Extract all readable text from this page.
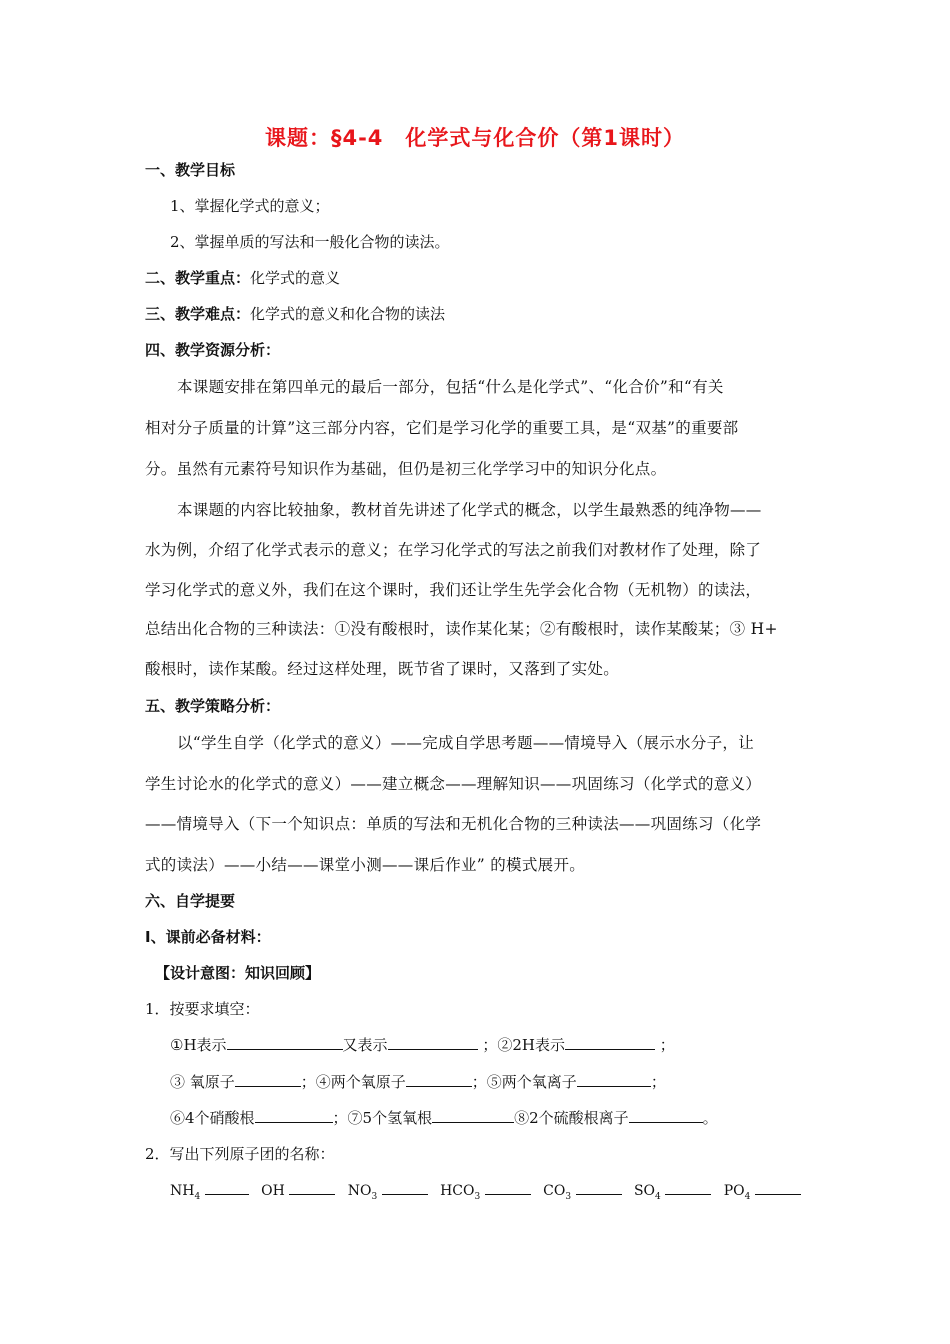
课题：§4-4　化学式与化合价（第1课时）
一、教学目标
1、掌握化学式的意义；
2、掌握单质的写法和一般化合物的读法。
二、教学重点：化学式的意义
三、教学难点：化学式的意义和化合物的读法
四、教学资源分析：
本课题安排在第四单元的最后一部分，包括“什么是化学式”、“化合价”和“有关
相对分子质量的计算”这三部分内容，它们是学习化学的重要工具，是“双基”的重要部
分。虽然有元素符号知识作为基础，但仍是初三化学学习中的知识分化点。
本课题的内容比较抽象，教材首先讲述了化学式的概念，以学生最熟悉的纯净物——
水为例，介绍了化学式表示的意义；在学习化学式的写法之前我们对教材作了处理，除了
学习化学式的意义外，我们在这个课时，我们还让学生先学会化合物（无机物）的读法，
总结出化合物的三种读法：①没有酸根时，读作某化某；②有酸根时，读作某酸某；③ H+
酸根时，读作某酸。经过这样处理，既节省了课时，又落到了实处。
五、教学策略分析：
以“学生自学（化学式的意义）——完成自学思考题——情境导入（展示水分子，让
学生讨论水的化学式的意义）——建立概念——理解知识——巩固练习（化学式的意义）
——情境导入（下一个知识点：单质的写法和无机化合物的三种读法——巩固练习（化学
式的读法）——小结——课堂小测——课后作业” 的模式展开。
六、自学提要
Ⅰ、课前必备材料：
【设计意图：知识回顾】
1．按要求填空：
①H表示	又表示	；②2H表示	；
③ 氧原子	；④两个氧原子	；⑤两个氧离子	；
⑥4个硝酸根	；⑦5个氢氧根	⑧2个硫酸根离子	。
2．写出下列原子团的名称：
$NH_4$	OH	$NO_3$	$HCO_3$	$CO_3$	$SO_4$	$PO_4$
